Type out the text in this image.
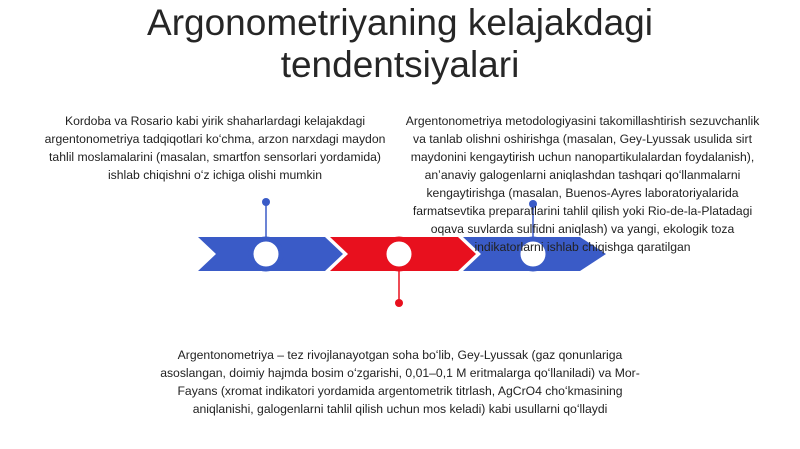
Argonometriyaning kelajakdagi tendentsiyalari
Kordoba va Rosario kabi yirik shaharlardagi kelajakdagi argentonometriya tadqiqotlari koʻchma, arzon narxdagi maydon tahlil moslamalarini (masalan, smartfon sensorlari yordamida) ishlab chiqishni oʻz ichiga olishi mumkin
Argentonometriya metodologiyasini takomillashtirish sezuvchanlik va tanlab olishni oshirishga (masalan, Gey-Lyussak usulida sirt maydonini kengaytirish uchun nanopartikulalardan foydalanish), anʼanaviy galogenlarni aniqlashdan tashqari qoʻllanmalarni kengaytirishga (masalan, Buenos-Ayres laboratoriyalarida farmatsevtika preparatlarini tahlil qilish yoki Rio-de-la-Platadagi oqava suvlarda sulfidni aniqlash) va yangi, ekologik toza indikatorlarni ishlab chiqishga qaratilgan
Argentonometriya – tez rivojlanayotgan soha boʻlib, Gey-Lyussak (gaz qonunlariga asoslangan, doimiy hajmda bosim oʻzgarishi, 0,01–0,1 M eritmalarga qoʻllaniladi) va Mor-Fayans (xromat indikatori yordamida argentometrik titrlash, AgCrO4 choʻkmasining aniqlanishi, galogenlarni tahlil qilish uchun mos keladi) kabi usullarni qoʻllaydi
